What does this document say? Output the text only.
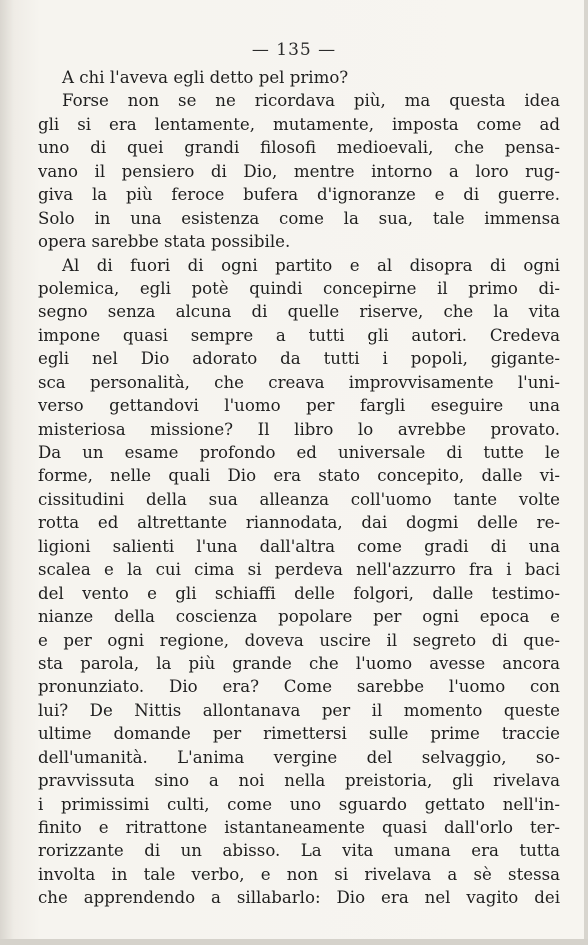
— 135 —
A chi l'aveva egli detto pel primo?
Forse non se ne ricordava più, ma questa idea
gli si era lentamente, mutamente, imposta come ad
uno di quei grandi filosofi medioevali, che pensa-
vano il pensiero di Dio, mentre intorno a loro rug-
giva la più feroce bufera d'ignoranze e di guerre.
Solo in una esistenza come la sua, tale immensa
opera sarebbe stata possibile.
Al di fuori di ogni partito e al disopra di ogni
polemica, egli potè quindi concepirne il primo di-
segno senza alcuna di quelle riserve, che la vita
impone quasi sempre a tutti gli autori. Credeva
egli nel Dio adorato da tutti i popoli, gigante-
sca personalità, che creava improvvisamente l'uni-
verso gettandovi l'uomo per fargli eseguire una
misteriosa missione? Il libro lo avrebbe provato.
Da un esame profondo ed universale di tutte le
forme, nelle quali Dio era stato concepito, dalle vi-
cissitudini della sua alleanza coll'uomo tante volte
rotta ed altrettante riannodata, dai dogmi delle re-
ligioni salienti l'una dall'altra come gradi di una
scalea e la cui cima si perdeva nell'azzurro fra i baci
del vento e gli schiaffi delle folgori, dalle testimo-
nianze della coscienza popolare per ogni epoca e
e per ogni regione, doveva uscire il segreto di que-
sta parola, la più grande che l'uomo avesse ancora
pronunziato. Dio era? Come sarebbe l'uomo con
lui? De Nittis allontanava per il momento queste
ultime domande per rimettersi sulle prime traccie
dell'umanità. L'anima vergine del selvaggio, so-
pravvissuta sino a noi nella preistoria, gli rivelava
i primissimi culti, come uno sguardo gettato nell'in-
finito e ritrattone istantaneamente quasi dall'orlo ter-
rorizzante di un abisso. La vita umana era tutta
involta in tale verbo, e non si rivelava a sè stessa
che apprendendo a sillabarlo: Dio era nel vagito dei
